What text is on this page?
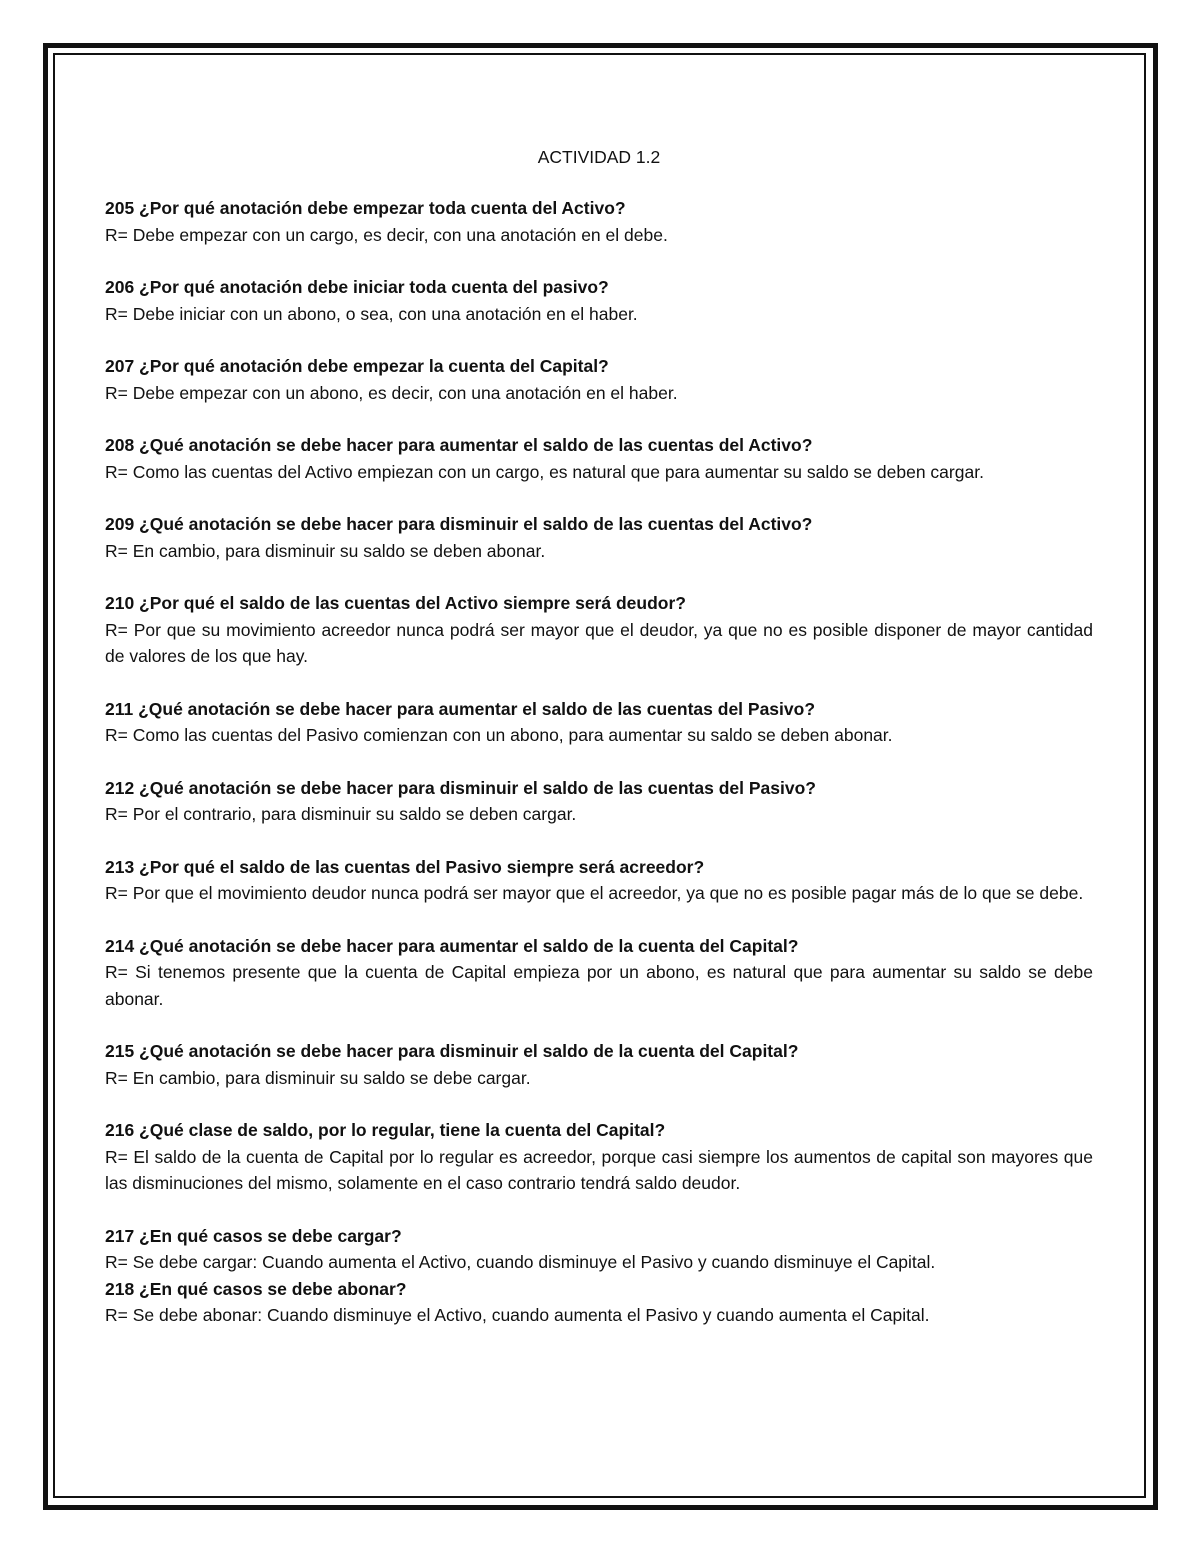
ACTIVIDAD 1.2

205 ¿Por qué anotación debe empezar toda cuenta del Activo?

R= Debe empezar con un cargo, es decir, con una anotación en el debe.

206 ¿Por qué anotación debe iniciar toda cuenta del pasivo?

R= Debe iniciar con un abono, o sea, con una anotación en el haber.

207 ¿Por qué anotación debe empezar la cuenta del Capital?

R= Debe empezar con un abono, es decir, con una anotación en el haber.

208 ¿Qué anotación se debe hacer para aumentar el saldo de las cuentas del Activo?

R= Como las cuentas del Activo empiezan con un cargo, es natural que para aumentar su saldo se deben cargar.

209 ¿Qué anotación se debe hacer para disminuir el saldo de las cuentas del Activo?

R= En cambio, para disminuir su saldo se deben abonar.

210 ¿Por qué el saldo de las cuentas del Activo siempre será deudor?

R= Por que su movimiento acreedor nunca podrá ser mayor que el deudor, ya que no es posible disponer de mayor cantidad de valores de los que hay.

211 ¿Qué anotación se debe hacer para aumentar el saldo de las cuentas del Pasivo?

R= Como las cuentas del Pasivo comienzan con un abono, para aumentar su saldo se deben abonar.

212 ¿Qué anotación se debe hacer para disminuir el saldo de las cuentas del Pasivo?

R= Por el contrario, para disminuir su saldo se deben cargar.

213 ¿Por qué el saldo de las cuentas del Pasivo siempre será acreedor?

R= Por que el movimiento deudor nunca podrá ser mayor que el acreedor, ya que no es posible pagar más de lo que se debe.

214 ¿Qué anotación se debe hacer para aumentar el saldo de la cuenta del Capital?

R= Si tenemos presente que la cuenta de Capital empieza por un abono, es natural que para aumentar su saldo se debe abonar.

215 ¿Qué anotación se debe hacer para disminuir el saldo de la cuenta del Capital?

R= En cambio, para disminuir su saldo se debe cargar.

216 ¿Qué clase de saldo, por lo regular, tiene la cuenta del Capital?

R= El saldo de la cuenta de Capital por lo regular es acreedor, porque casi siempre los aumentos de capital son mayores que las disminuciones del mismo, solamente en el caso contrario tendrá saldo deudor.

217 ¿En qué casos se debe cargar?

R= Se debe cargar: Cuando aumenta el Activo, cuando disminuye el Pasivo y cuando disminuye el Capital.

218 ¿En qué casos se debe abonar?

R= Se debe abonar: Cuando disminuye el Activo, cuando aumenta el Pasivo y cuando aumenta el Capital.
